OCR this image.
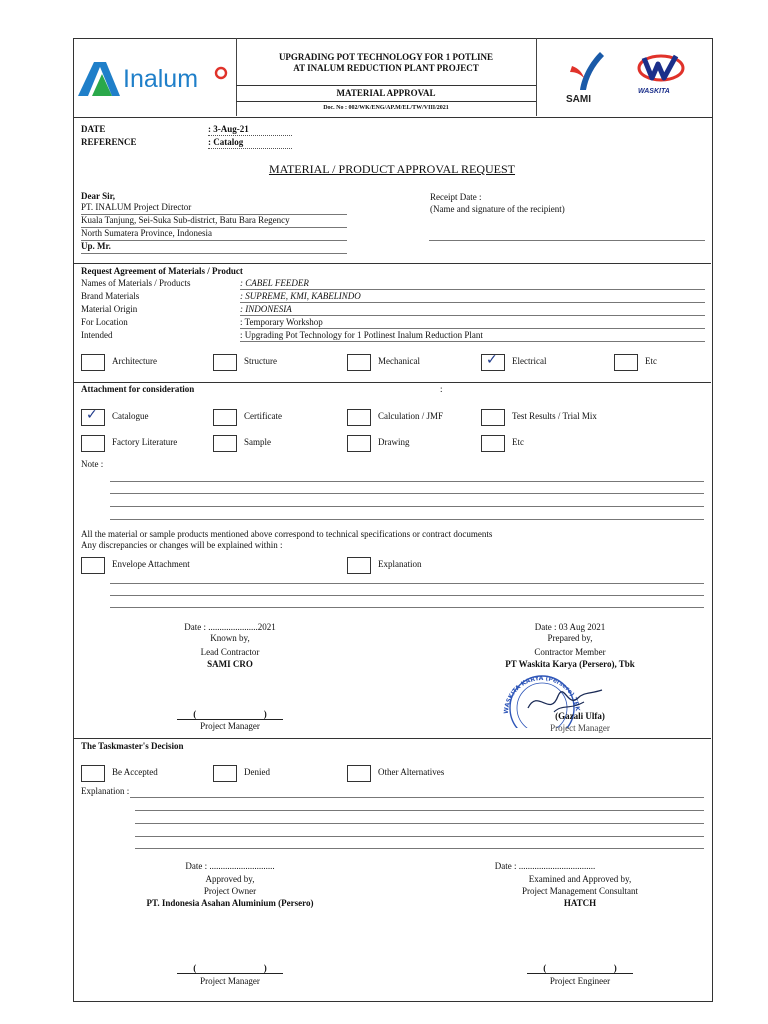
Inalum
UPGRADING POT TECHNOLOGY FOR 1 POTLINE
AT INALUM REDUCTION PLANT PROJECT
MATERIAL APPROVAL
Doc. No : 002/WK/ENG/AP.M/EL/TW/VIII/2021
SAMI
WASKITA
DATE	: 3-Aug-21
REFERENCE	: Catalog
MATERIAL / PRODUCT APPROVAL REQUEST
Dear Sir,
PT. INALUM Project Director
Kuala Tanjung, Sei-Suka Sub-district, Batu Bara Regency
North Sumatera Province, Indonesia
Up. Mr.
Receipt Date :
(Name and signature of the recipient)
Request Agreement of Materials / Product
Names of Materials / Products	: CABEL FEEDER
Brand Materials	: SUPREME, KMI, KABELINDO
Material Origin	: INDONESIA
For Location	: Temporary Workshop
Intended	: Upgrading Pot Technology for 1 Potlinest Inalum Reduction Plant
Architecture	Structure	Mechanical	✓ Electrical	Etc
Attachment for consideration	:
✓ Catalogue	Certificate	Calculation / JMF	Test Results / Trial Mix
Factory Literature	Sample	Drawing	Etc
Note :
All the material or sample products mentioned above correspond to technical specifications or contract documents
Any discrepancies or changes will be explained within :
Envelope Attachment	Explanation
Date : ......................2021
Known by,
Lead Contractor
SAMI CRO
(                              )
Project Manager
Date : 03 Aug 2021
Prepared by,
Contractor Member
PT Waskita Karya (Persero), Tbk
WASKITA KARYA (Persero) TBK
(Gazali Ulfa)
Project Manager
The Taskmaster's Decision
Be Accepted	Denied	Other Alternatives
Explanation :
Date : .............................
Approved by,
Project Owner
PT. Indonesia Asahan Aluminium (Persero)
(                              )
Project Manager
Date : ..................................
Examined and Approved by,
Project Management Consultant
HATCH
(                              )
Project Engineer
